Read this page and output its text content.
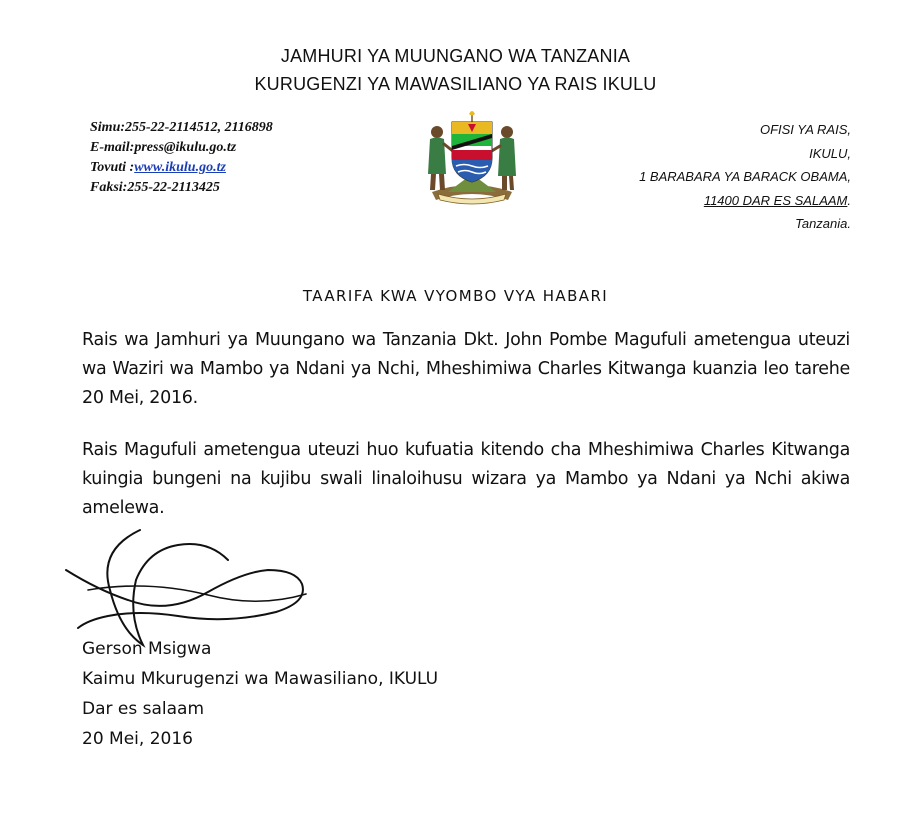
JAMHURI YA MUUNGANO WA TANZANIA
KURUGENZI YA MAWASILIANO YA RAIS IKULU
Simu:255-22-2114512, 2116898
E-mail:press@ikulu.go.tz
Tovuti :www.ikulu.go.tz
Faksi:255-22-2113425
OFISI YA RAIS,
IKULU,
1 BARABARA YA BARACK OBAMA,
11400 DAR ES SALAAM.
Tanzania.
TAARIFA KWA VYOMBO VYA HABARI

Rais wa Jamhuri ya Muungano wa Tanzania Dkt. John Pombe Magufuli ametengua uteuzi wa Waziri wa Mambo ya Ndani ya Nchi, Mheshimiwa Charles Kitwanga kuanzia leo tarehe 20 Mei, 2016.

Rais Magufuli ametengua uteuzi huo kufuatia kitendo cha Mheshimiwa Charles Kitwanga kuingia bungeni na kujibu swali linaloihusu wizara ya Mambo ya Ndani ya Nchi akiwa amelewa.

Gerson Msigwa
Kaimu Mkurugenzi wa Mawasiliano, IKULU
Dar es salaam
20 Mei, 2016
